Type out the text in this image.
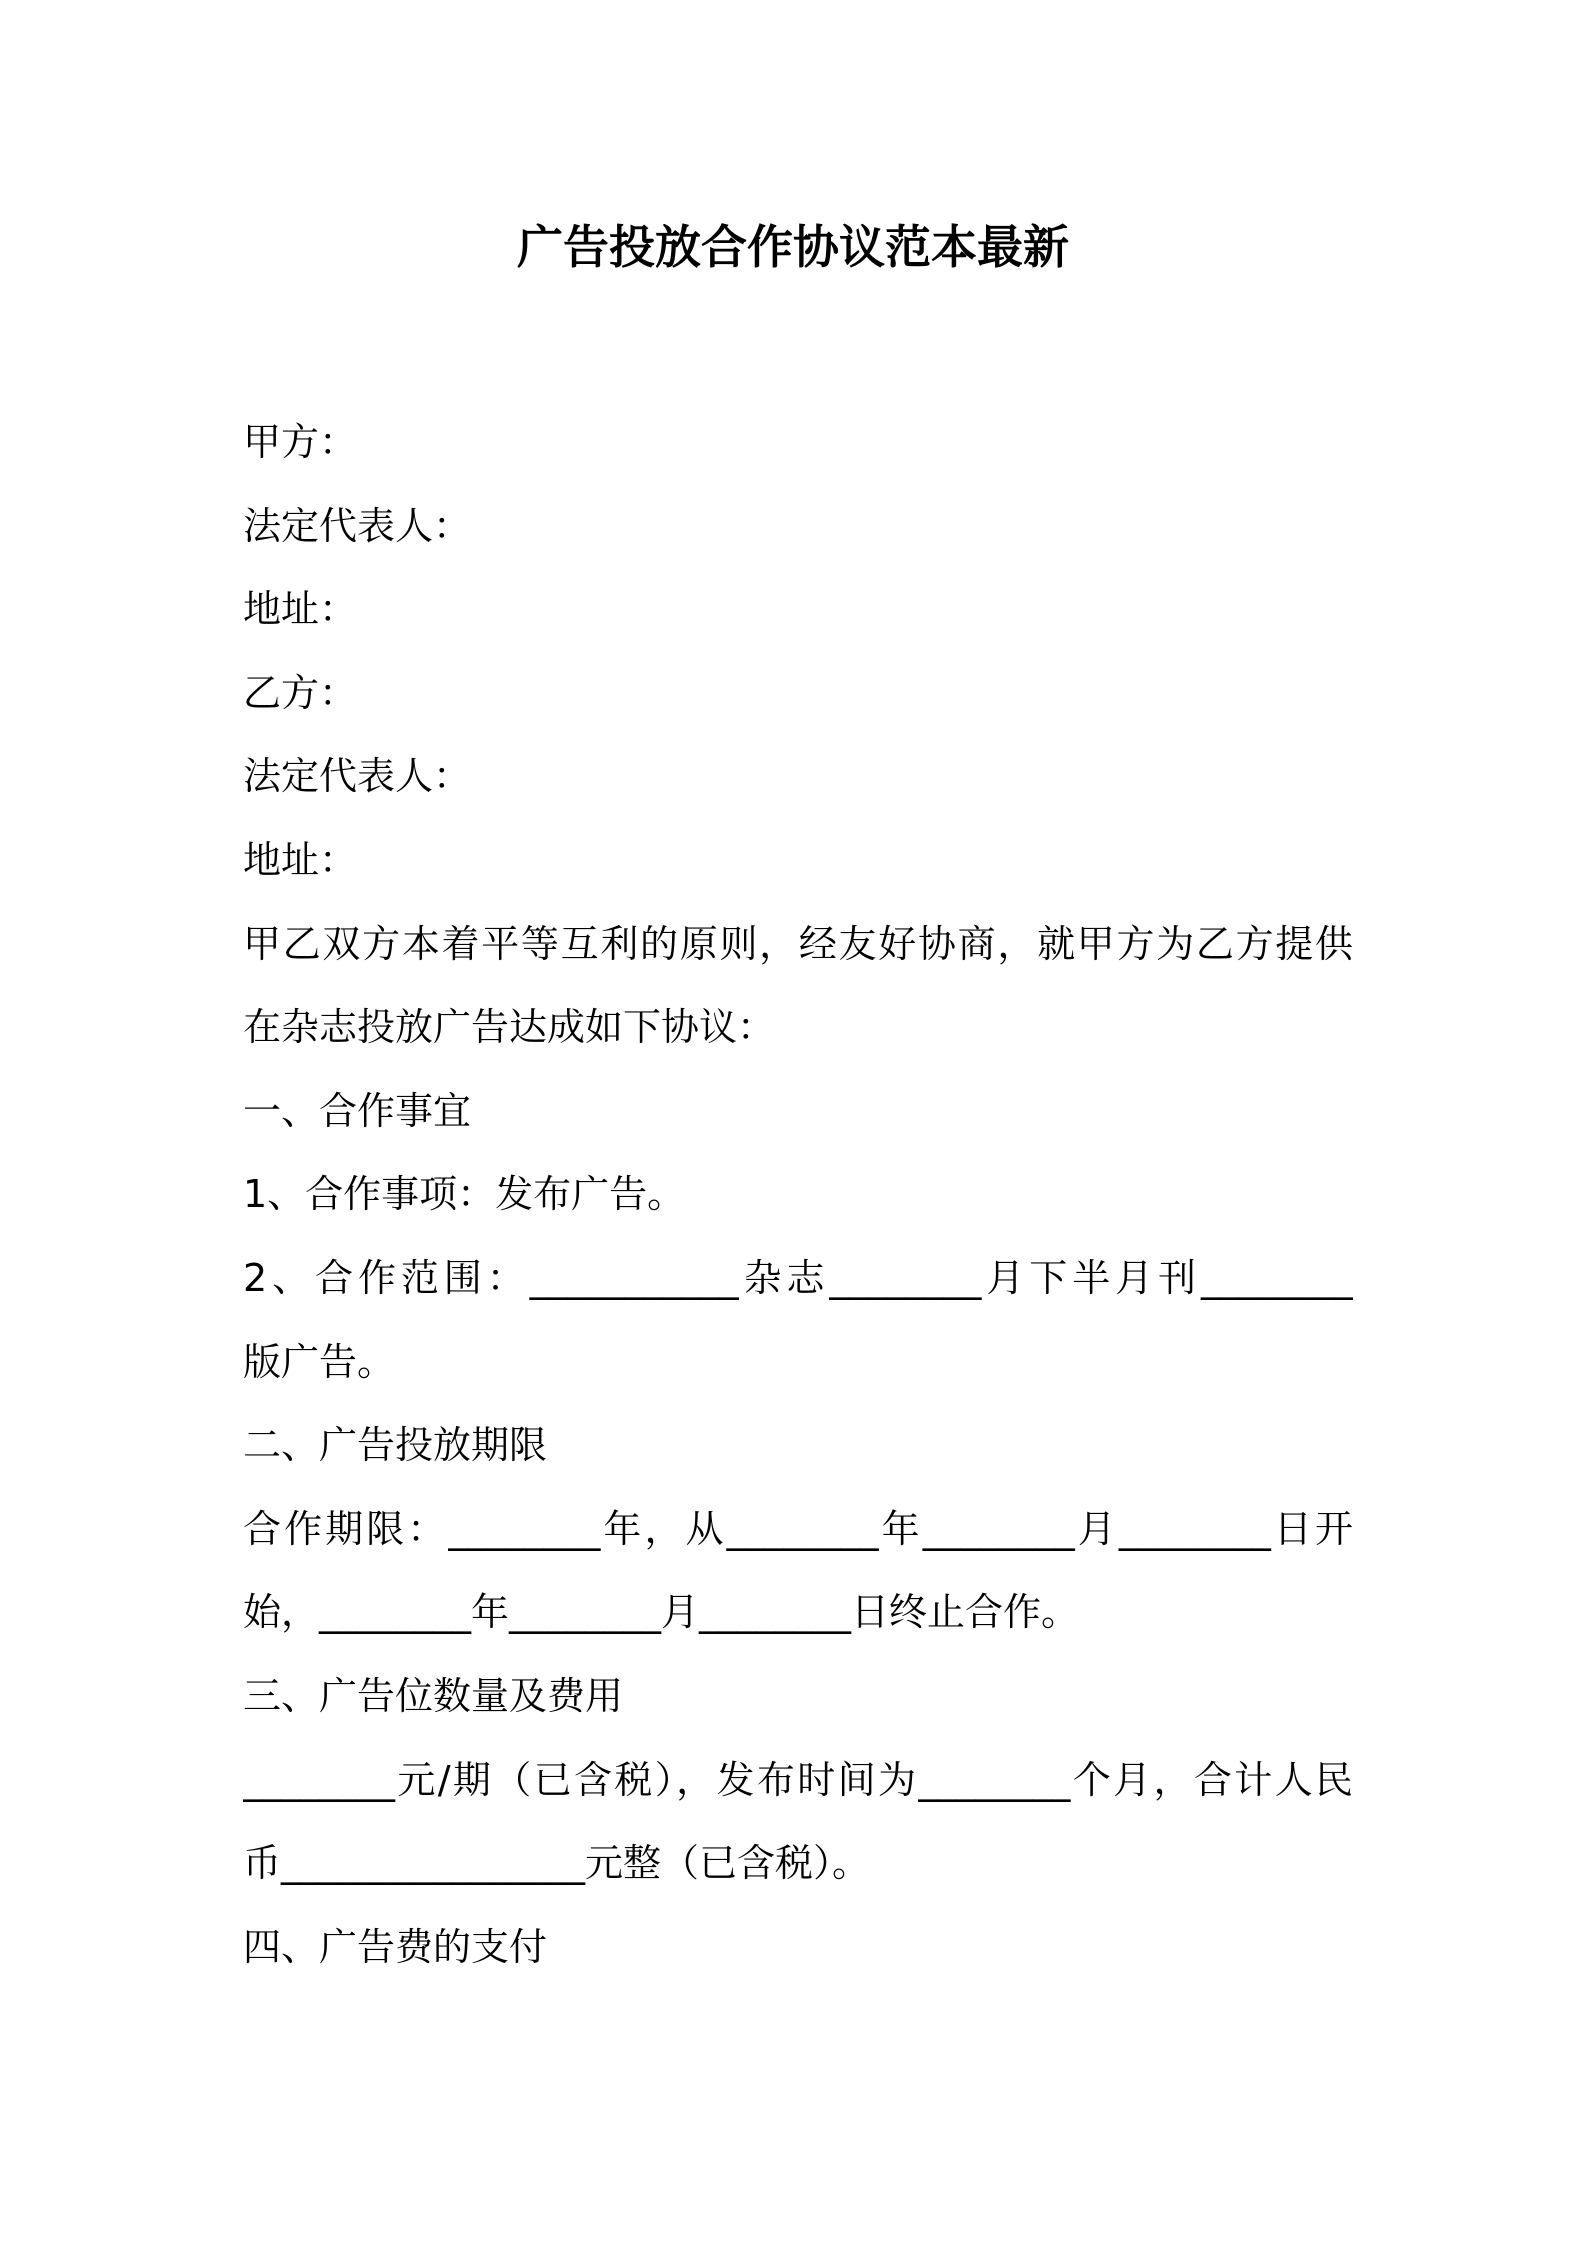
广告投放合作协议范本最新
甲方：
法定代表人：
地址：
乙方：
法定代表人：
地址：
甲乙双方本着平等互利的原则，经友好协商，就甲方为乙方提供
在杂志投放广告达成如下协议：
一、合作事宜
1、合作事项：发布广告。
2、合作范围：___________杂志________月下半月刊________
版广告。
二、广告投放期限
合作期限：________年，从________年________月________日开
始，________年________月________日终止合作。
三、广告位数量及费用
________元/期（已含税），发布时间为________个月，合计人民
币________________元整（已含税）。
四、广告费的支付
